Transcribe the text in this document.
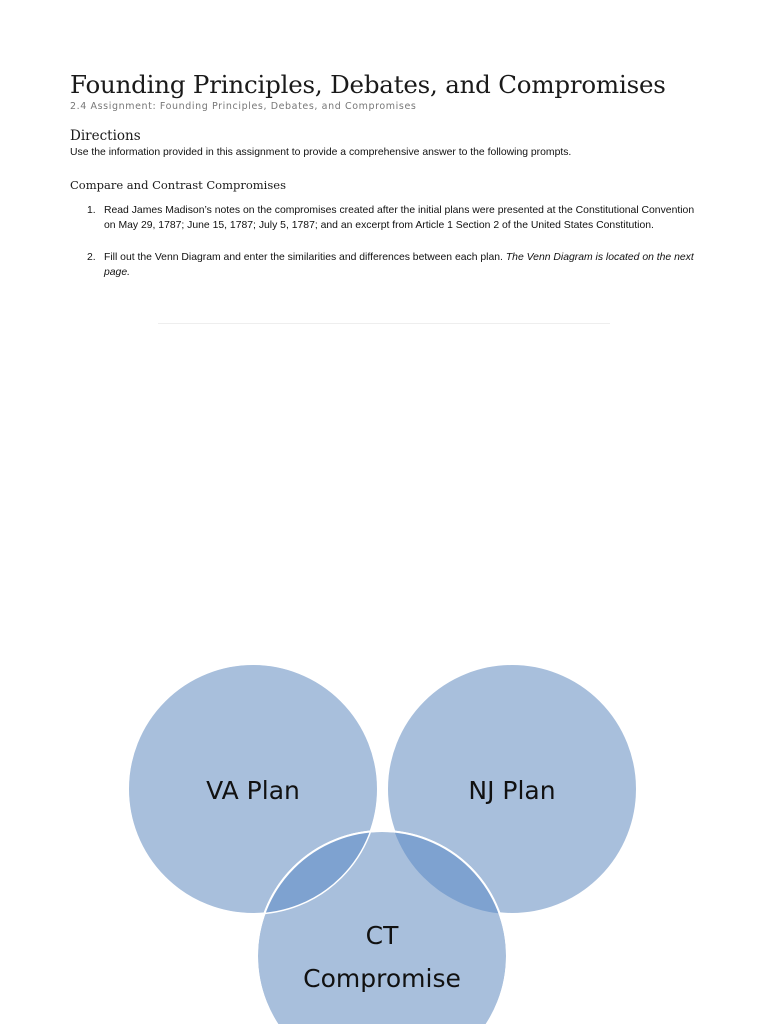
Founding Principles, Debates, and Compromises
2.4 Assignment: Founding Principles, Debates, and Compromises
Directions
Use the information provided in this assignment to provide a comprehensive answer to the following prompts.
Compare and Contrast Compromises
1. Read James Madison’s notes on the compromises created after the initial plans were presented at the Constitutional Convention on May 29, 1787; June 15, 1787; July 5, 1787; and an excerpt from Article 1 Section 2 of the United States Constitution.
2. Fill out the Venn Diagram and enter the similarities and differences between each plan. The Venn Diagram is located on the next page.
VA Plan	NJ Plan
CT
Compromise
